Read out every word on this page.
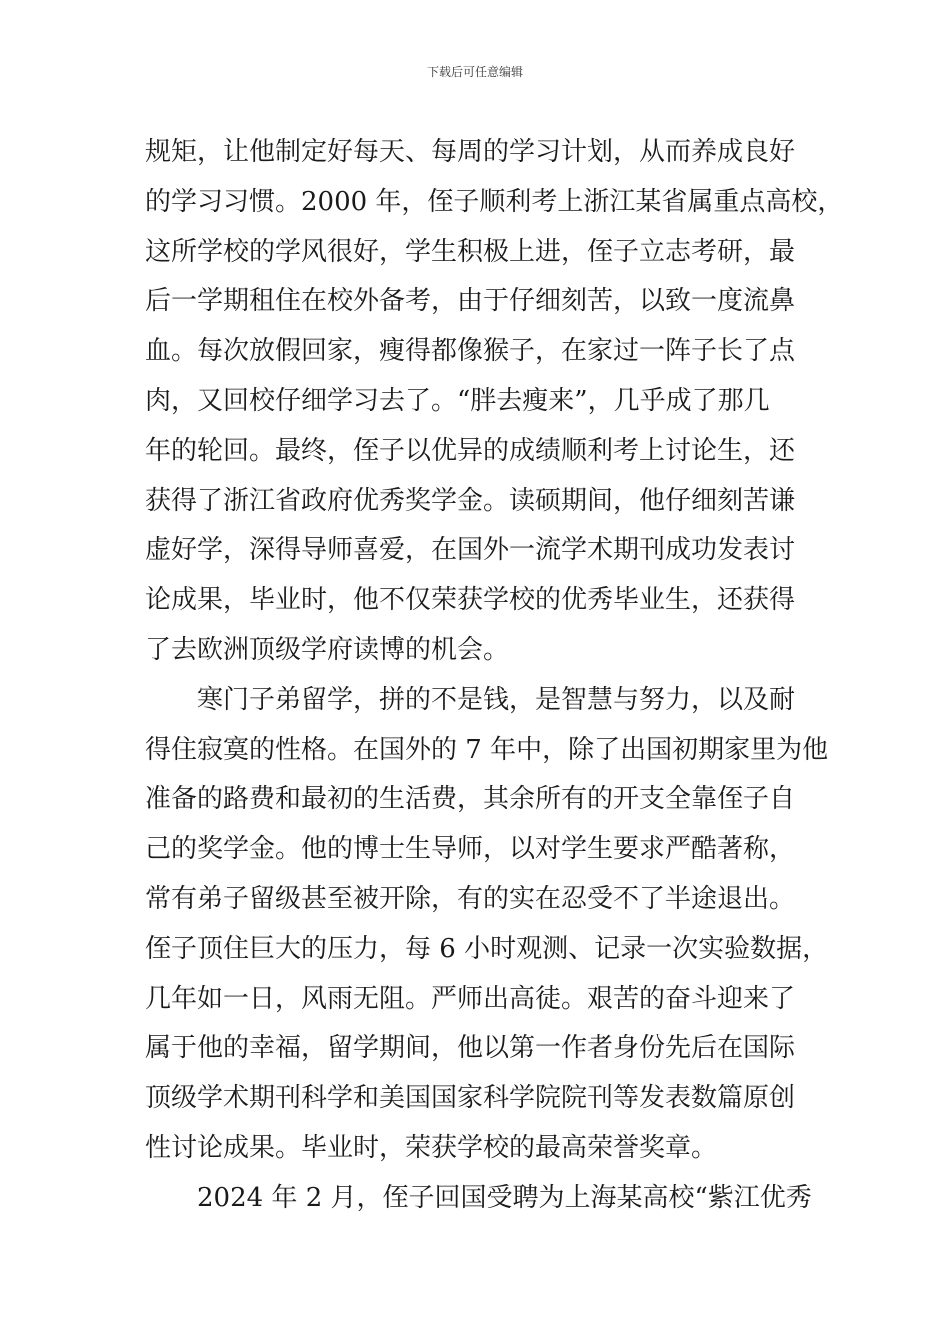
下载后可任意编辑
规矩，让他制定好每天、每周的学习计划，从而养成良好
的学习习惯。2000 年，侄子顺利考上浙江某省属重点高校，
这所学校的学风很好，学生积极上进，侄子立志考研，最
后一学期租住在校外备考，由于仔细刻苦，以致一度流鼻
血。每次放假回家，瘦得都像猴子，在家过一阵子长了点
肉，又回校仔细学习去了。“胖去瘦来”，几乎成了那几
年的轮回。最终，侄子以优异的成绩顺利考上讨论生，还
获得了浙江省政府优秀奖学金。读硕期间，他仔细刻苦谦
虚好学，深得导师喜爱，在国外一流学术期刊成功发表讨
论成果，毕业时，他不仅荣获学校的优秀毕业生，还获得
了去欧洲顶级学府读博的机会。
寒门子弟留学，拼的不是钱，是智慧与努力，以及耐
得住寂寞的性格。在国外的 7 年中，除了出国初期家里为他
准备的路费和最初的生活费，其余所有的开支全靠侄子自
己的奖学金。他的博士生导师，以对学生要求严酷著称，
常有弟子留级甚至被开除，有的实在忍受不了半途退出。
侄子顶住巨大的压力，每 6 小时观测、记录一次实验数据，
几年如一日，风雨无阻。严师出高徒。艰苦的奋斗迎来了
属于他的幸福，留学期间，他以第一作者身份先后在国际
顶级学术期刊科学和美国国家科学院院刊等发表数篇原创
性讨论成果。毕业时，荣获学校的最高荣誉奖章。
2024 年 2 月，侄子回国受聘为上海某高校“紫江优秀
